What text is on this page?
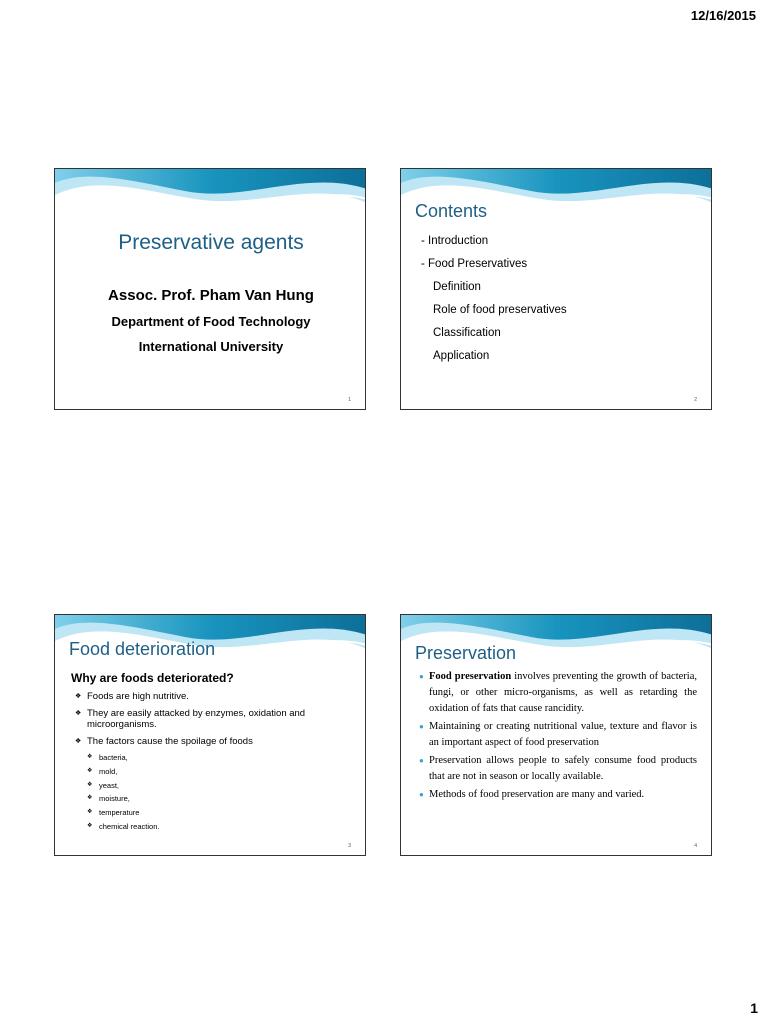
12/16/2015
Preservative agents
Assoc. Prof. Pham Van Hung
Department of Food Technology
International University
1
Contents
- Introduction
- Food Preservatives
Definition
Role of food preservatives
Classification
Application
2
Food deterioration
Why are foods deteriorated?
❖ Foods are high nutritive.
❖ They are easily attacked by enzymes, oxidation and microorganisms.
❖ The factors cause the spoilage of foods
❖ bacteria,
❖ mold,
❖ yeast,
❖ moisture,
❖ temperature
❖ chemical reaction.
3
Preservation
● Food preservation involves preventing the growth of bacteria, fungi, or other micro-organisms, as well as retarding the oxidation of fats that cause rancidity.
● Maintaining or creating nutritional value, texture and flavor is an important aspect of food preservation
● Preservation allows people to safely consume food products that are not in season or locally available.
● Methods of food preservation are many and varied.
4
1
